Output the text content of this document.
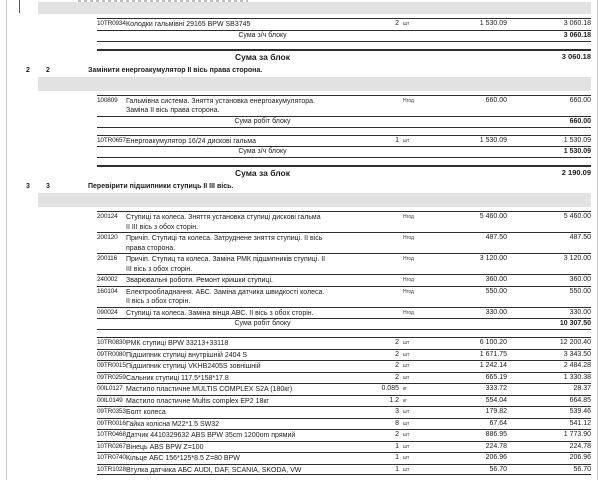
10TR0934 Колодки гальмівні 29165 BPW SB3745	2 шт	1 530.09	3 060.18
Сума з/ч блоку	3 060.18
Сума за блок	3 060.18
2	2	Замінити енергоакумулятор II вісь права сторона.
100809	Гальмівна система. Зняття установка енергоакумулятора.
Заміна II вісь права сторона.
Нгод	660.00	660.00
Сума робіт блоку	660.00
10TR0657 Енергоакумулятор 16/24 дискові гальма	1 шт	1 530.09	1 530.09
Сума з/ч блоку	1 530.09
Сума за блок	2 190.09
3	3	Перевірити підшипники ступиць II III вісь.
200124	Ступиці та колеса. Зняття установка ступиці дискові гальма
II III вісь з обох сторін.
Нгод	5 460.00	5 460.00
200120	Причіп. Ступиці та колеса. Затруднене зняття ступиці. II вісь
права сторона.
Нгод	487.50	487.50
200116	Причіп. Ступиц та колеса. Заміна РМК підшипників ступиці. II
III вісь з обох сторін.
Нгод	3 120.00	3 120.00
240002	Зварювальні роботи. Ремонт кришки ступиці.	Нгод	360.00	360.00
160104	Електрообладнання. АБС. Заміна датчика швидкості колеса.
II вісь з обох сторін.
Нгод	550.00	550.00
090024	Ступиці та колеса. Заміна вінця АВС. II вісь з обох сторін.	Нгод	330.00	330.00
Сума робіт блоку	10 307.50
10TR0830 РМК ступиці BPW 33213+33118	2 шт	6 100.20	12 200.40
09TR0080 Підшипник ступиці внутрішній 2404 S	2 шт	1 671.75	3 343.50
09TR0015 Підшипник ступиці VKHB2405S зовнішній	2 шт	1 242.14	2 484.28
09TR0259 Сальник ступиці 117.5*158*17.8	2 шт	665.19	1 330.38
00IL0127 Мастило пластичне MULTIS COMPLEX S2A (180кг)	0.085 кг	333.72	28.37
00IL0149 Мастило пластичне Multis complex EP2 18кг	1.2 кг	554.04	664.85
09TR0353 Болт колеса	3 шт	179.82	539.46
09TR0016 Гайка колісна M22*1.5 SW32	8 шт	67.64	541.12
10TR0468 Датчик 4410329632 ABS BPW 35cm 1200om прямий	2 шт	886.95	1 773.90
10TR0267 Вінець ABS BPW Z=100	1 шт	224.78	224.78
10TR0740 Кільце АБС 156*125*8.5 Z=80 BPW	1 шт	206.96	206.96
10TR1028 Втулка датчика АБС AUDI, DAF, SCANIA, SKODA, VW	1 шт	56.70	56.70
